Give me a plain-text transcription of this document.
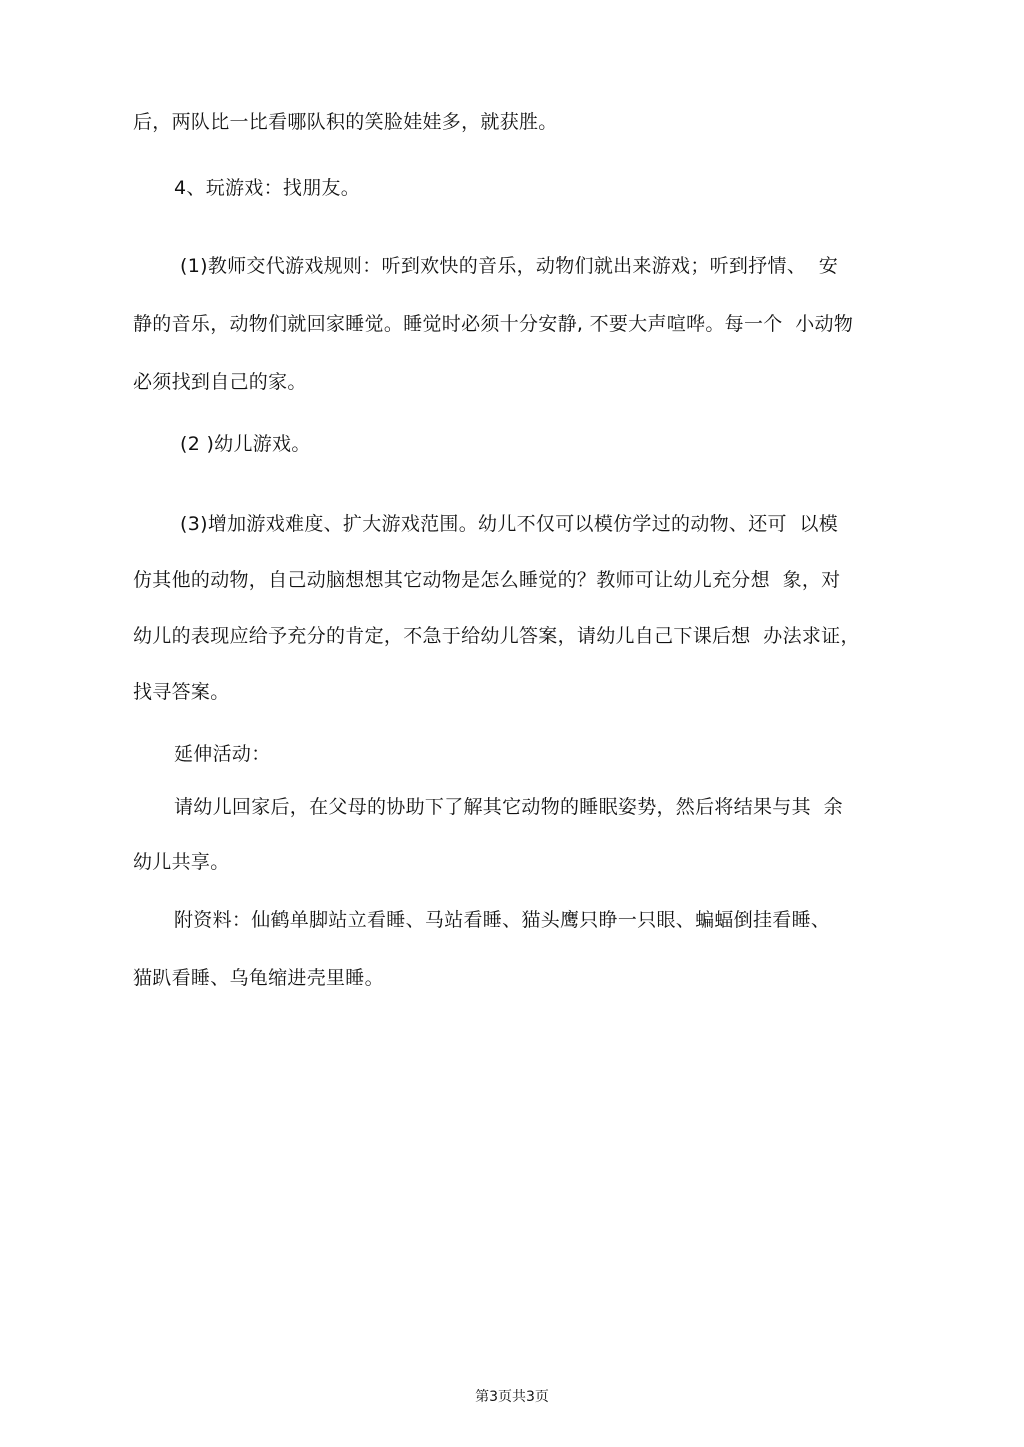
后，两队比一比看哪队积的笑脸娃娃多，就获胜。
4、玩游戏：找朋友。
(1)教师交代游戏规则：听到欢快的音乐，动物们就出来游戏；听到抒情、  安
静的音乐，动物们就回家睡觉。睡觉时必须十分安静, 不要大声喧哗。每一个  小动物
必须找到自己的家。
(2 )幼儿游戏。
(3)增加游戏难度、扩大游戏范围。幼儿不仅可以模仿学过的动物、还可  以模
仿其他的动物，自己动脑想想其它动物是怎么睡觉的？教师可让幼儿充分想  象，对
幼儿的表现应给予充分的肯定，不急于给幼儿答案，请幼儿自己下课后想  办法求证，
找寻答案。
延伸活动：
请幼儿回家后，在父母的协助下了解其它动物的睡眠姿势，然后将结果与其  余
幼儿共享。
附资料：仙鹤单脚站立看睡、马站看睡、猫头鹰只睁一只眼、蝙蝠倒挂看睡、
猫趴看睡、乌龟缩进壳里睡。
第3页共3页
